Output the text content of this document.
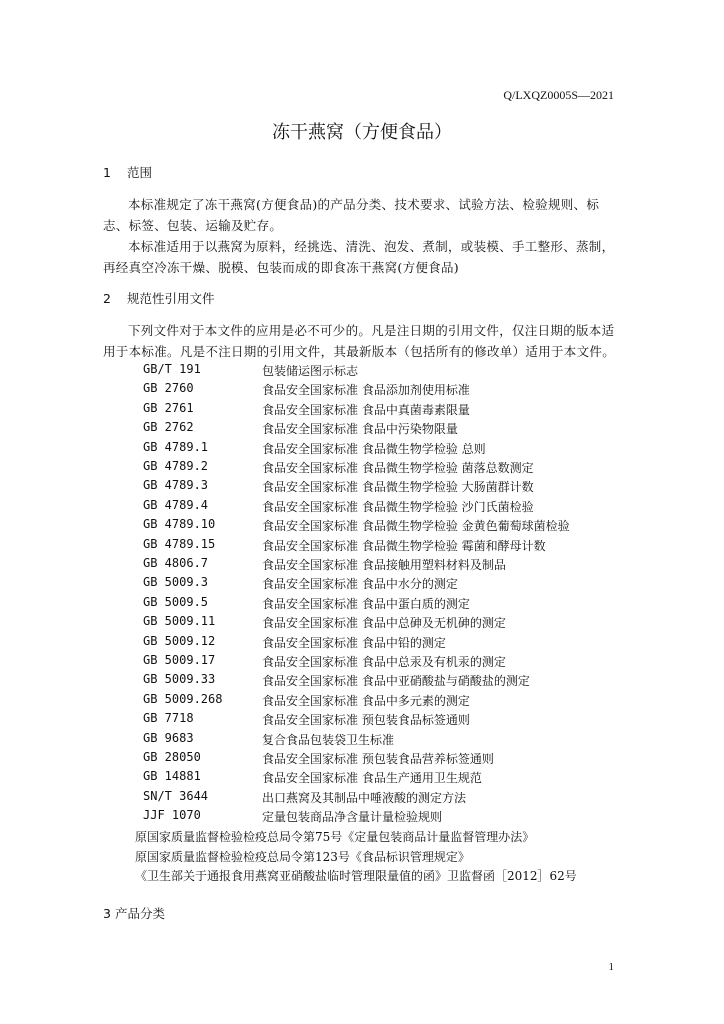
Q/LXQZ0005S—2021
冻干燕窝（方便食品）
1 范围
本标准规定了冻干燕窝(方便食品)的产品分类、技术要求、试验方法、检验规则、标志、标签、包装、运输及贮存。
本标准适用于以燕窝为原料，经挑选、清洗、泡发、煮制，或装模、手工整形、蒸制，再经真空冷冻干燥、脱模、包装而成的即食冻干燕窝(方便食品)
2 规范性引用文件
下列文件对于本文件的应用是必不可少的。凡是注日期的引用文件，仅注日期的版本适用于本标准。凡是不注日期的引用文件，其最新版本（包括所有的修改单）适用于本文件。
GB/T 191	包装储运图示标志
GB 2760	食品安全国家标准 食品添加剂使用标准
GB 2761	食品安全国家标准 食品中真菌毒素限量
GB 2762	食品安全国家标准 食品中污染物限量
GB 4789.1	食品安全国家标准 食品微生物学检验 总则
GB 4789.2	食品安全国家标准 食品微生物学检验 菌落总数测定
GB 4789.3	食品安全国家标准 食品微生物学检验 大肠菌群计数
GB 4789.4	食品安全国家标准 食品微生物学检验 沙门氏菌检验
GB 4789.10	食品安全国家标准 食品微生物学检验 金黄色葡萄球菌检验
GB 4789.15	食品安全国家标准 食品微生物学检验 霉菌和酵母计数
GB 4806.7	食品安全国家标准 食品接触用塑料材料及制品
GB 5009.3	食品安全国家标准 食品中水分的测定
GB 5009.5	食品安全国家标准 食品中蛋白质的测定
GB 5009.11	食品安全国家标准 食品中总砷及无机砷的测定
GB 5009.12	食品安全国家标准 食品中铅的测定
GB 5009.17	食品安全国家标准 食品中总汞及有机汞的测定
GB 5009.33	食品安全国家标准 食品中亚硝酸盐与硝酸盐的测定
GB 5009.268	食品安全国家标准 食品中多元素的测定
GB 7718	食品安全国家标准 预包装食品标签通则
GB 9683	复合食品包装袋卫生标准
GB 28050	食品安全国家标准 预包装食品营养标签通则
GB 14881	食品安全国家标准 食品生产通用卫生规范
SN/T 3644	出口燕窝及其制品中唾液酸的测定方法
JJF 1070	定量包装商品净含量计量检验规则
原国家质量监督检验检疫总局令第75号《定量包装商品计量监督管理办法》
原国家质量监督检验检疫总局令第123号《食品标识管理规定》
《卫生部关于通报食用燕窝亚硝酸盐临时管理限量值的函》卫监督函［2012］62号
3 产品分类
1
